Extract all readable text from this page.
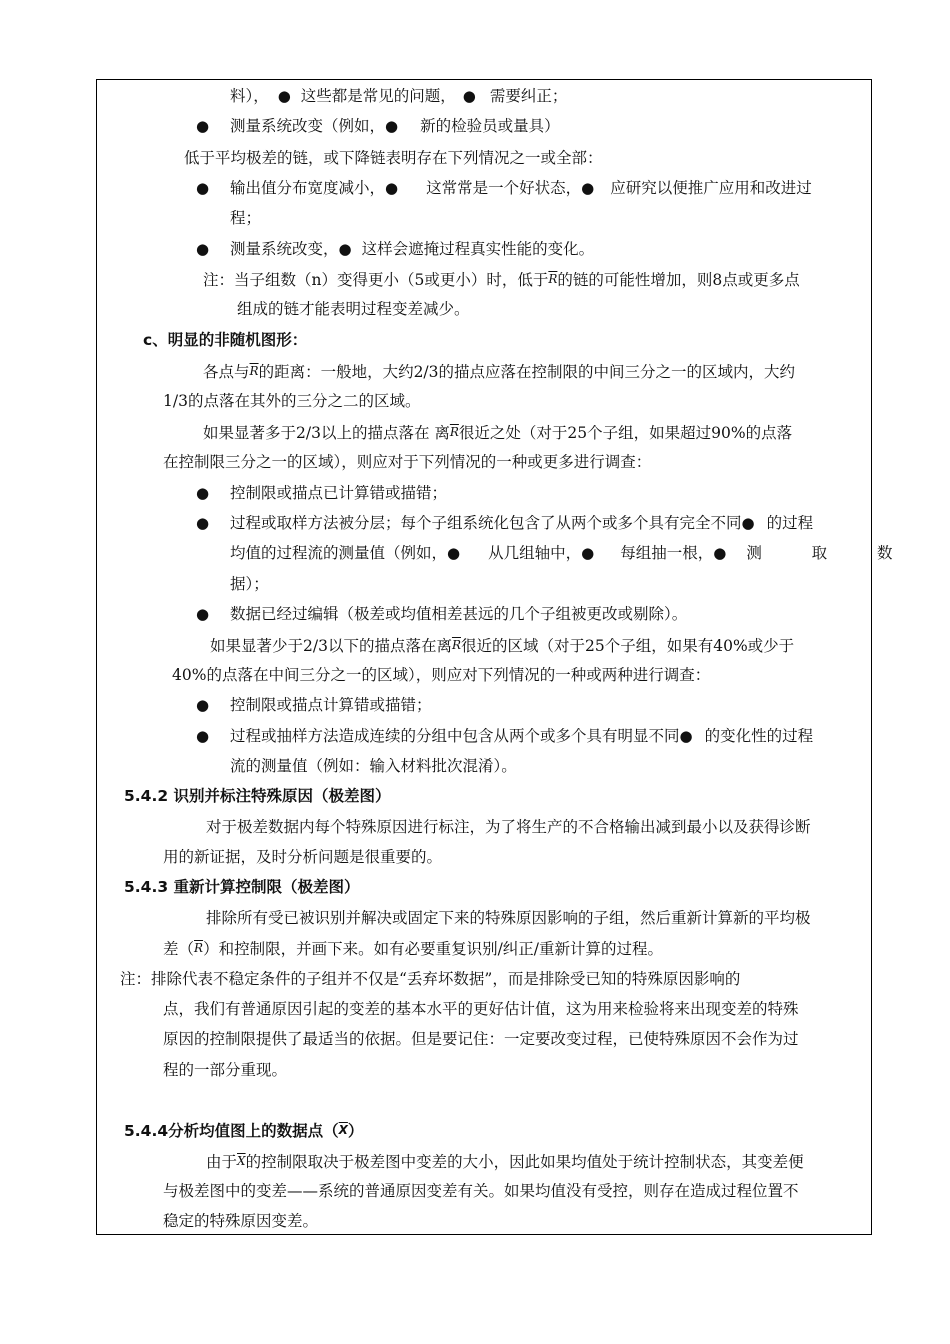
料）， ● 这些都是常见的问题， ● 需要纠正；
● 测量系统改变（例如，● 新的检验员或量具）
低于平均极差的链，或下降链表明存在下列情况之一或全部：
● 输出值分布宽度减小，● 这常常是一个好状态，● 应研究以便推广应用和改进过
程；
● 测量系统改变，● 这样会遮掩过程真实性能的变化。
注：当子组数（n）变得更小（5或更小）时，低于$\overline{R}$的链的可能性增加，则8点或更多点
组成的链才能表明过程变差减少。
c、明显的非随机图形：
各点与$\overline{R}$的距离：一般地，大约2/3的描点应落在控制限的中间三分之一的区域内，大约
1/3的点落在其外的三分之二的区域。
如果显著多于2/3以上的描点落在 离$\overline{R}$很近之处（对于25个子组，如果超过90%的点落
在控制限三分之一的区域），则应对于下列情况的一种或更多进行调查：
● 控制限或描点已计算错或描错；
● 过程或取样方法被分层；每个子组系统化包含了从两个或多个具有完全不同● 的过程
均值的过程流的测量值（例如，● 从几组轴中，● 每组抽一根，● 测  取  数
据）；
● 数据已经过编辑（极差或均值相差甚远的几个子组被更改或剔除）。
如果显著少于2/3以下的描点落在离$\overline{R}$很近的区域（对于25个子组，如果有40%或少于
40%的点落在中间三分之一的区域），则应对下列情况的一种或两种进行调查：
● 控制限或描点计算错或描错；
● 过程或抽样方法造成连续的分组中包含从两个或多个具有明显不同● 的变化性的过程
流的测量值（例如：输入材料批次混淆）。
5.4.2 识别并标注特殊原因（极差图）
对于极差数据内每个特殊原因进行标注，为了将生产的不合格输出减到最小以及获得诊断
用的新证据，及时分析问题是很重要的。
5.4.3 重新计算控制限（极差图）
排除所有受已被识别并解决或固定下来的特殊原因影响的子组，然后重新计算新的平均极
差$(\overline{R})$和控制限，并画下来。如有必要重复识别/纠正/重新计算的过程。
注：排除代表不稳定条件的子组并不仅是“丢弃坏数据”，而是排除受已知的特殊原因影响的
点，我们有普通原因引起的变差的基本水平的更好估计值，这为用来检验将来出现变差的特殊
原因的控制限提供了最适当的依据。但是要记住：一定要改变过程，已使特殊原因不会作为过
程的一部分重现。
5.4.4分析均值图上的数据点$(\overline{X})$
由于$\overline{X}$的控制限取决于极差图中变差的大小，因此如果均值处于统计控制状态，其变差便
与极差图中的变差——系统的普通原因变差有关。如果均值没有受控，则存在造成过程位置不
稳定的特殊原因变差。
